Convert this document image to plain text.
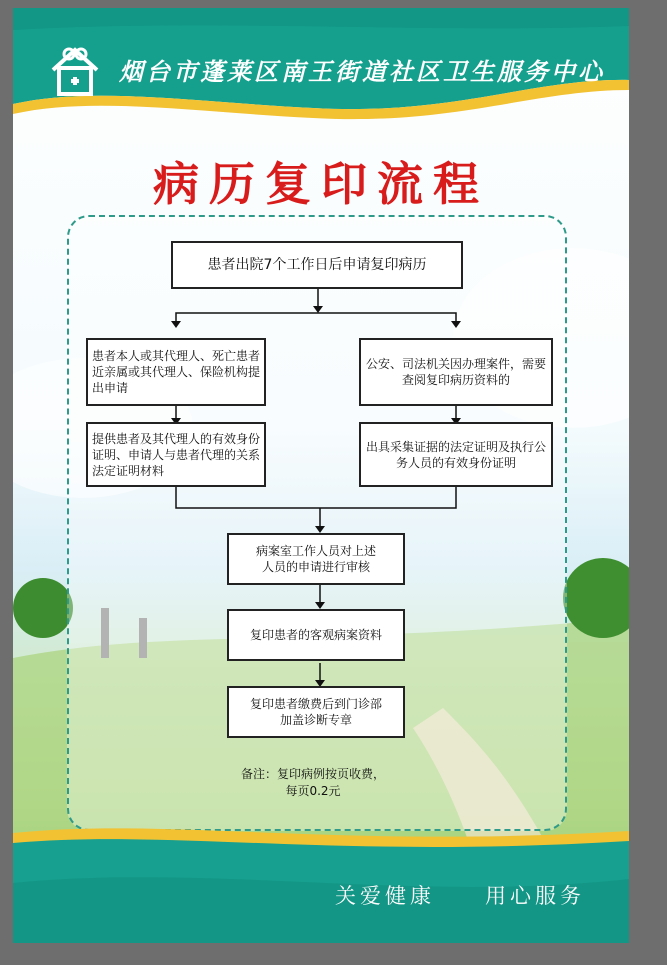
烟台市蓬莱区南王街道社区卫生服务中心
病历复印流程
患者出院7个工作日后申请复印病历
患者本人或其代理人、死亡患者近亲属或其代理人、保险机构提出申请
提供患者及其代理人的有效身份证明、申请人与患者代理的关系法定证明材料
公安、司法机关因办理案件，需要查阅复印病历资料的
出具采集证据的法定证明及执行公务人员的有效身份证明
病案室工作人员对上述人员的申请进行审核
复印患者的客观病案资料
复印患者缴费后到门诊部加盖诊断专章
备注：复印病例按页收费，
每页0.2元
关爱健康 用心服务
